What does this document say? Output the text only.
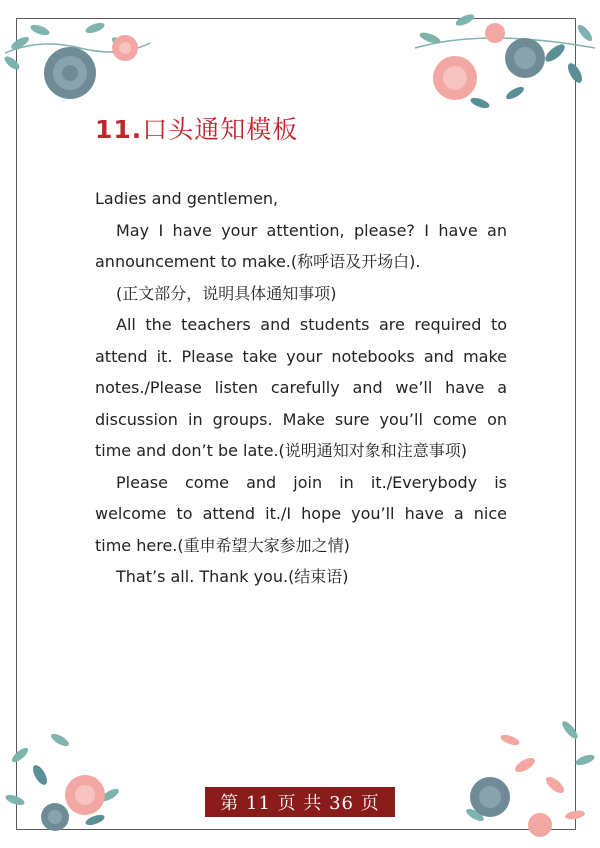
11.口头通知模板

Ladies and gentlemen,

May I have your attention, please? I have an announcement to make.(称呼语及开场白).

(正文部分，说明具体通知事项)

All the teachers and students are required to attend it. Please take your notebooks and make notes./Please listen carefully and we’ll have a discussion in groups. Make sure you’ll come on time and don’t be late.(说明通知对象和注意事项)

Please come and join in it./Everybody is welcome to attend it./I hope you’ll have a nice time here.(重申希望大家参加之情)

That’s all. Thank you.(结束语)

第 11 页 共 36 页
